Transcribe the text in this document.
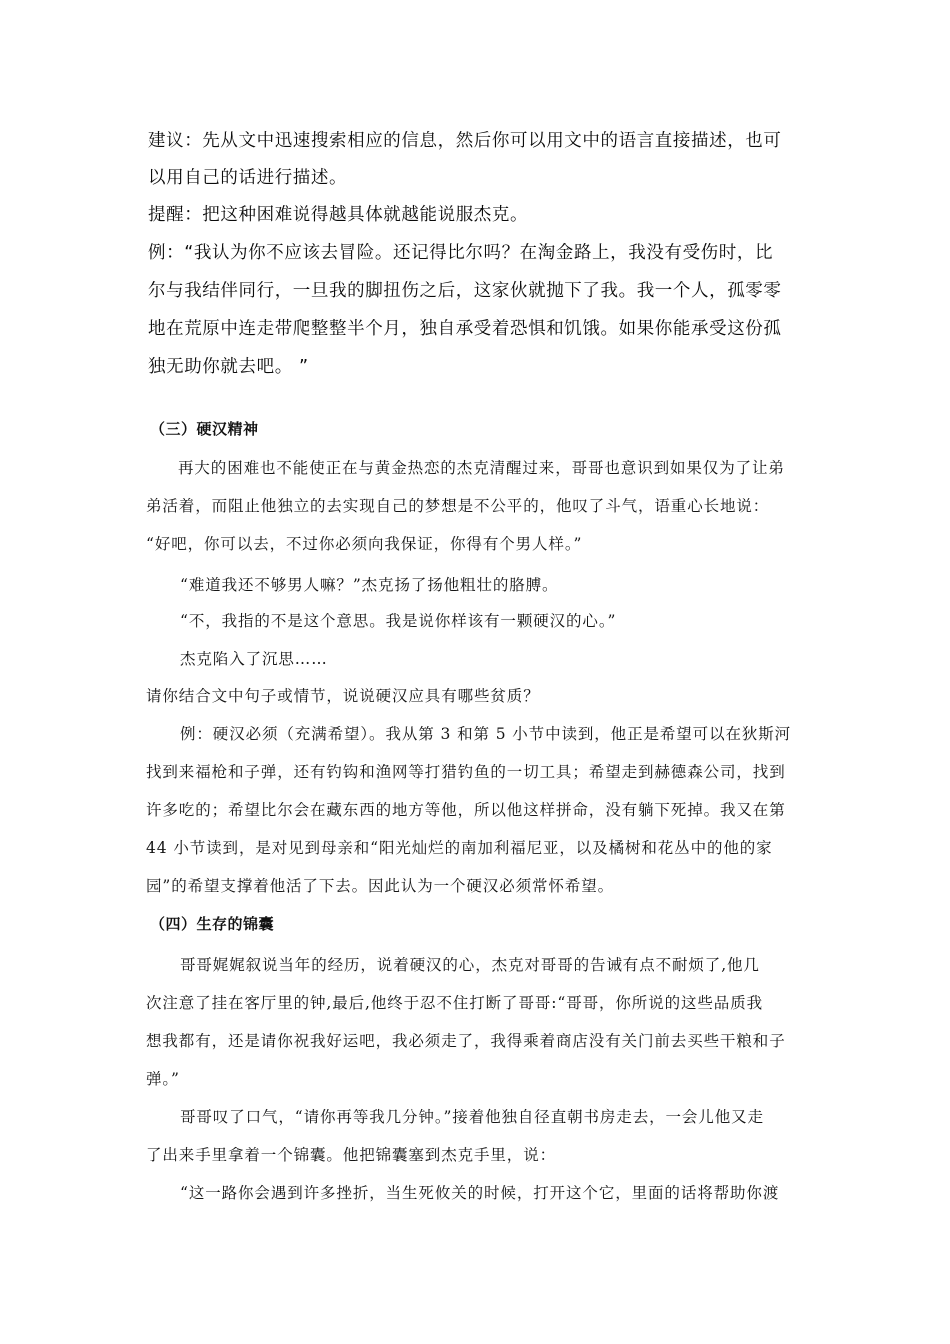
建议：先从文中迅速搜索相应的信息，然后你可以用文中的语言直接描述，也可

以用自己的话进行描述。

提醒：把这种困难说得越具体就越能说服杰克。

例：“我认为你不应该去冒险。还记得比尔吗？在淘金路上，我没有受伤时，比

尔与我结伴同行，一旦我的脚扭伤之后，这家伙就抛下了我。我一个人，孤零零

地在荒原中连走带爬整整半个月，独自承受着恐惧和饥饿。如果你能承受这份孤

独无助你就去吧。 ”

（三）硬汉精神

再大的困难也不能使正在与黄金热恋的杰克清醒过来，哥哥也意识到如果仅为了让弟

弟活着，而阻止他独立的去实现自己的梦想是不公平的，他叹了斗气，语重心长地说：

“好吧，你可以去，不过你必须向我保证，你得有个男人样。”

“难道我还不够男人嘛？”杰克扬了扬他粗壮的胳膊。

“不，我指的不是这个意思。我是说你样该有一颗硬汉的心。”

杰克陷入了沉思……

请你结合文中句子或情节，说说硬汉应具有哪些贫质？

例：硬汉必须（充满希望）。我从第 3 和第 5 小节中读到，他正是希望可以在狄斯河

找到来福枪和子弹，还有钓钩和渔网等打猎钓鱼的一切工具；希望走到赫德森公司，找到

许多吃的；希望比尔会在藏东西的地方等他，所以他这样拼命，没有躺下死掉。我又在第

44 小节读到，是对见到母亲和“阳光灿烂的南加利福尼亚，以及橘树和花丛中的他的家

园”的希望支撑着他活了下去。因此认为一个硬汉必须常怀希望。

（四）生存的锦囊

哥哥娓娓叙说当年的经历，说着硬汉的心，杰克对哥哥的告诫有点不耐烦了,他几

次注意了挂在客厅里的钟,最后,他终于忍不住打断了哥哥:“哥哥，你所说的这些品质我

想我都有，还是请你祝我好运吧，我必须走了，我得乘着商店没有关门前去买些干粮和子

弹。”

哥哥叹了口气，“请你再等我几分钟。”接着他独自径直朝书房走去，一会儿他又走

了出来手里拿着一个锦囊。他把锦囊塞到杰克手里，说：

“这一路你会遇到许多挫折，当生死攸关的时候，打开这个它，里面的话将帮助你渡
